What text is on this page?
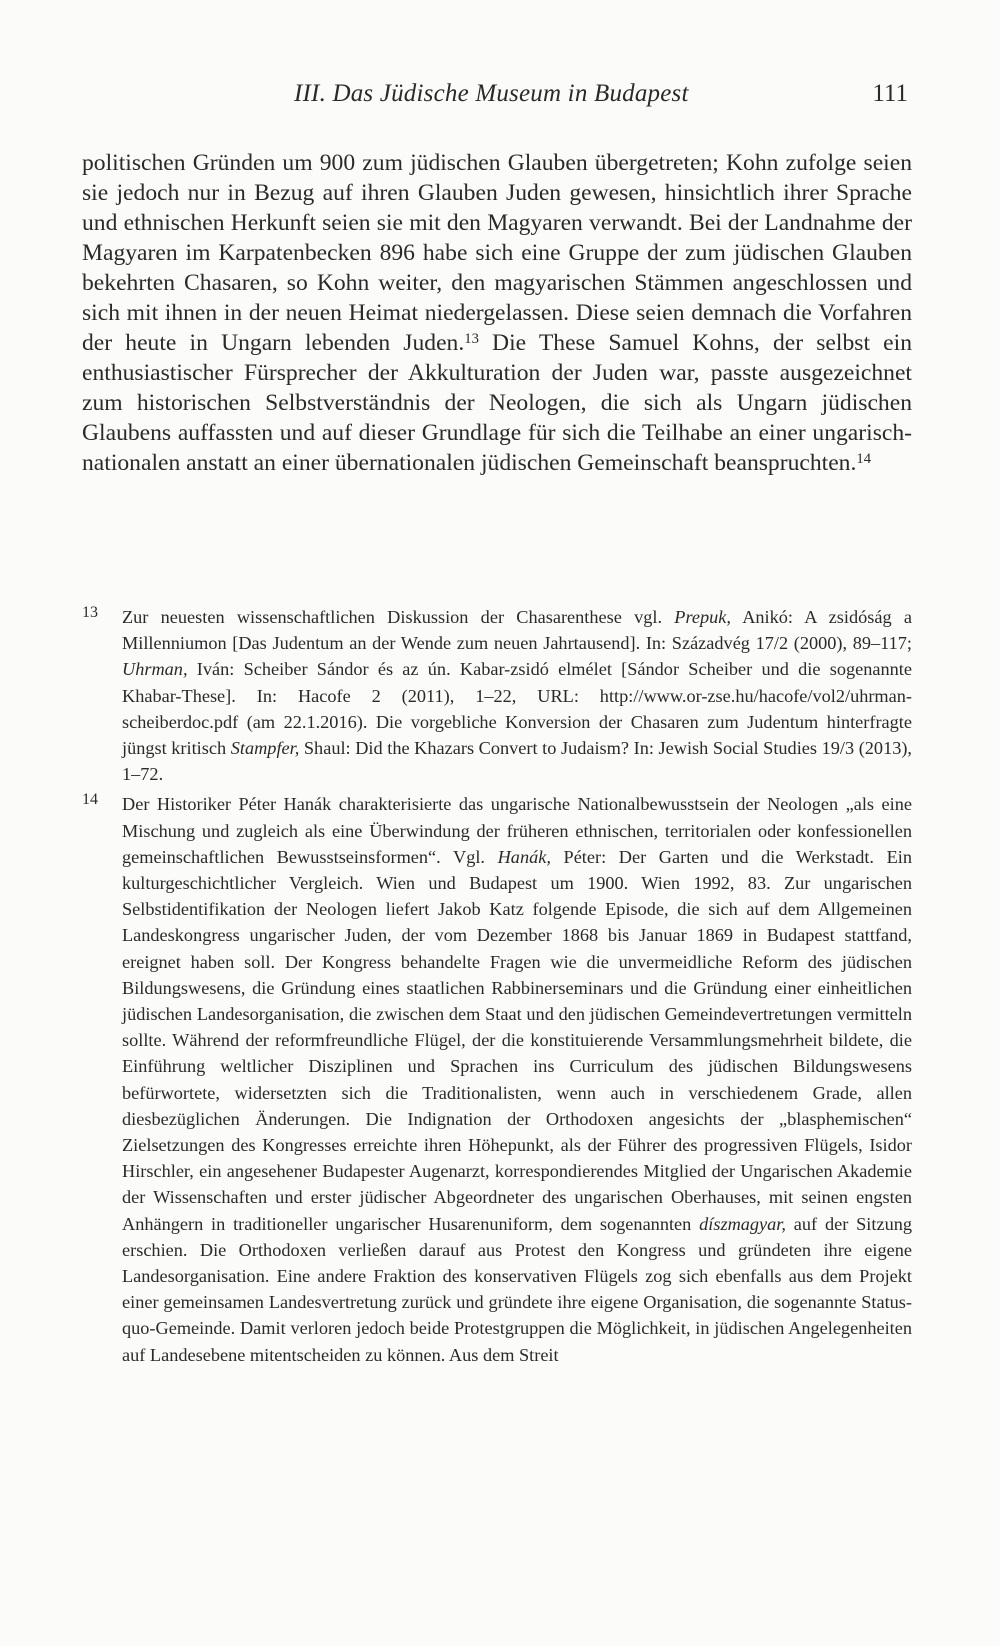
III. Das Jüdische Museum in Budapest	111

politischen Gründen um 900 zum jüdischen Glauben übergetreten; Kohn zufolge seien sie jedoch nur in Bezug auf ihren Glauben Juden gewesen, hinsichtlich ihrer Sprache und ethnischen Herkunft seien sie mit den Magyaren verwandt. Bei der Landnahme der Magyaren im Karpatenbecken 896 habe sich eine Gruppe der zum jüdischen Glauben bekehrten Chasaren, so Kohn weiter, den magyarischen Stämmen angeschlossen und sich mit ihnen in der neuen Heimat niedergelassen. Diese seien demnach die Vorfahren der heute in Ungarn lebenden Juden.$^{13}$ Die These Samuel Kohns, der selbst ein enthusiastischer Fürsprecher der Akkulturation der Juden war, passte ausgezeichnet zum historischen Selbstverständnis der Neologen, die sich als Ungarn jüdischen Glaubens auffassten und auf dieser Grundlage für sich die Teilhabe an einer ungarisch-nationalen anstatt an einer übernationalen jüdischen Gemeinschaft beanspruchten.$^{14}$

13 Zur neuesten wissenschaftlichen Diskussion der Chasarenthese vgl. Prepuk, Anikó: A zsidóság a Millenniumon [Das Judentum an der Wende zum neuen Jahrtausend]. In: Századvég 17/2 (2000), 89–117; Uhrman, Iván: Scheiber Sándor és az ún. Kabar-zsidó elmélet [Sándor Scheiber und die sogenannte Khabar-These]. In: Hacofe 2 (2011), 1–22, URL: http://www.or-zse.hu/hacofe/vol2/uhrman-scheiberdoc.pdf (am 22.1.2016). Die vorgebliche Konversion der Chasaren zum Judentum hinterfragte jüngst kritisch Stampfer, Shaul: Did the Khazars Convert to Judaism? In: Jewish Social Studies 19/3 (2013), 1–72.
14 Der Historiker Péter Hanák charakterisierte das ungarische Nationalbewusstsein der Neologen „als eine Mischung und zugleich als eine Überwindung der früheren ethnischen, territorialen oder konfessionellen gemeinschaftlichen Bewusstseinsformen“. Vgl. Hanák, Péter: Der Garten und die Werkstadt. Ein kulturgeschichtlicher Vergleich. Wien und Budapest um 1900. Wien 1992, 83. Zur ungarischen Selbstidentifikation der Neologen liefert Jakob Katz folgende Episode, die sich auf dem Allgemeinen Landeskongress ungarischer Juden, der vom Dezember 1868 bis Januar 1869 in Budapest stattfand, ereignet haben soll. Der Kongress behandelte Fragen wie die unvermeidliche Reform des jüdischen Bildungswesens, die Gründung eines staatlichen Rabbinerseminars und die Gründung einer einheitlichen jüdischen Landesorganisation, die zwischen dem Staat und den jüdischen Gemeindevertretungen vermitteln sollte. Während der reformfreundliche Flügel, der die konstituierende Versammlungsmehrheit bildete, die Einführung weltlicher Disziplinen und Sprachen ins Curriculum des jüdischen Bildungswesens befürwortete, widersetzten sich die Traditionalisten, wenn auch in verschiedenem Grade, allen diesbezüglichen Änderungen. Die Indignation der Orthodoxen angesichts der „blasphemischen“ Zielsetzungen des Kongresses erreichte ihren Höhepunkt, als der Führer des progressiven Flügels, Isidor Hirschler, ein angesehener Budapester Augenarzt, korrespondierendes Mitglied der Ungarischen Akademie der Wissenschaften und erster jüdischer Abgeordneter des ungarischen Oberhauses, mit seinen engsten Anhängern in traditioneller ungarischer Husarenuniform, dem sogenannten díszmagyar, auf der Sitzung erschien. Die Orthodoxen verließen darauf aus Protest den Kongress und gründeten ihre eigene Landesorganisation. Eine andere Fraktion des konservativen Flügels zog sich ebenfalls aus dem Projekt einer gemeinsamen Landesvertretung zurück und gründete ihre eigene Organisation, die sogenannte Status-quo-Gemeinde. Damit verloren jedoch beide Protestgruppen die Möglichkeit, in jüdischen Angelegenheiten auf Landesebene mitentscheiden zu können. Aus dem Streit
